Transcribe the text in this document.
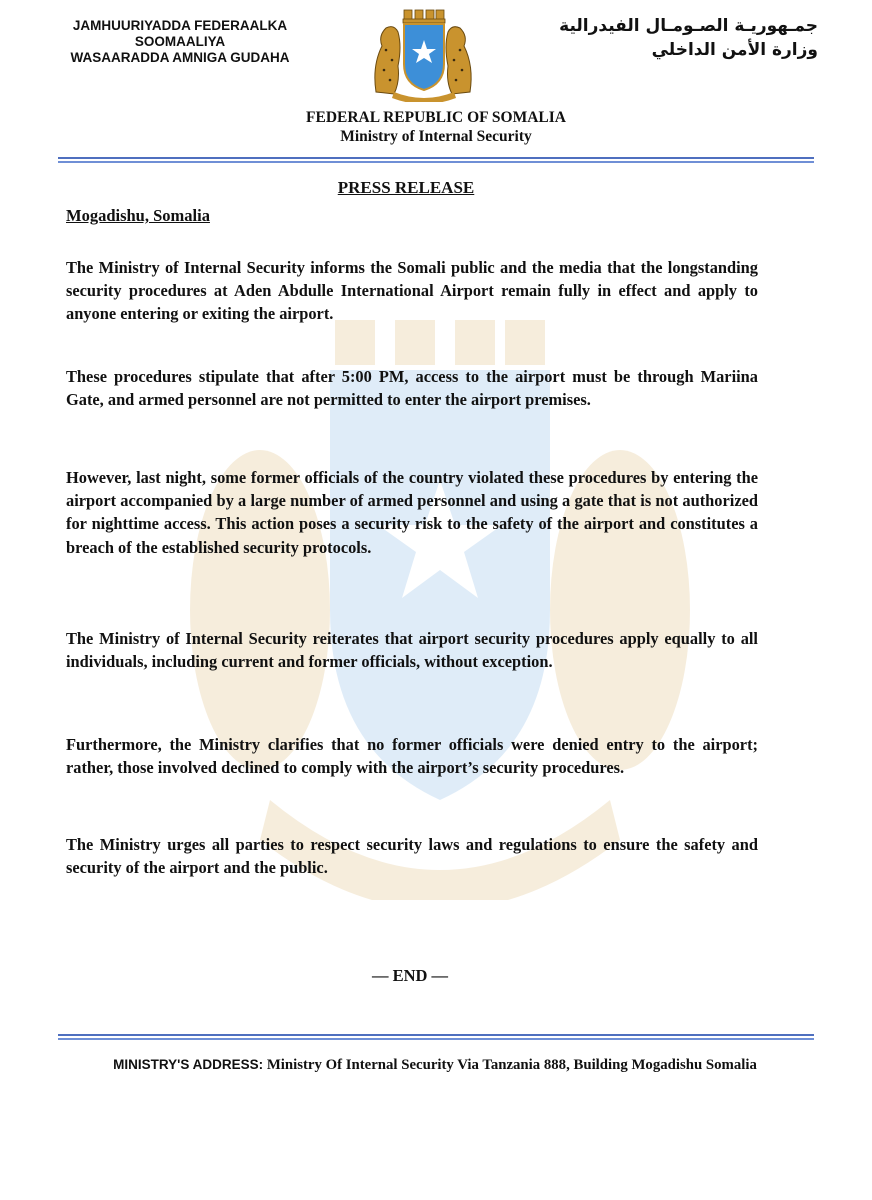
JAMHUURIYADDA FEDERAALKA
SOOMAALIYA
WASAARADDA AMNIGA GUDAHA
جمـهوريـة الصـومـال الفيدرالية
وزارة الأمن الداخلي
FEDERAL REPUBLIC OF SOMALIA
Ministry of Internal Security
PRESS RELEASE
Mogadishu, Somalia

The Ministry of Internal Security informs the Somali public and the media that the longstanding security procedures at Aden Abdulle International Airport remain fully in effect and apply to anyone entering or exiting the airport.

These procedures stipulate that after 5:00 PM, access to the airport must be through Mariina Gate, and armed personnel are not permitted to enter the airport premises.

However, last night, some former officials of the country violated these procedures by entering the airport accompanied by a large number of armed personnel and using a gate that is not authorized for nighttime access. This action poses a security risk to the safety of the airport and constitutes a breach of the established security protocols.

The Ministry of Internal Security reiterates that airport security procedures apply equally to all individuals, including current and former officials, without exception.

Furthermore, the Ministry clarifies that no former officials were denied entry to the airport; rather, those involved declined to comply with the airport’s security procedures.

The Ministry urges all parties to respect security laws and regulations to ensure the safety and security of the airport and the public.

— END —
MINISTRY'S ADDRESS: Ministry Of Internal Security Via Tanzania 888, Building Mogadishu Somalia
